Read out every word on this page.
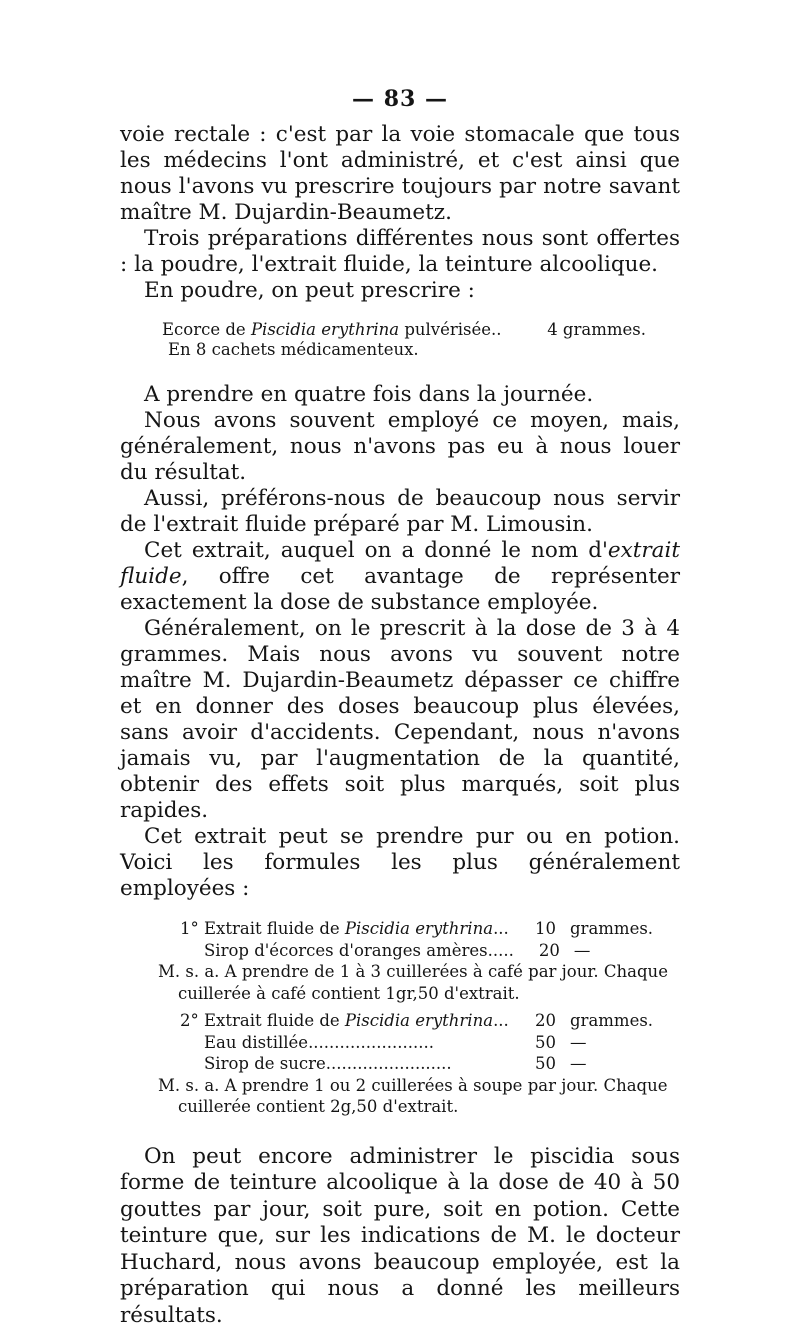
— 83 —

voie rectale : c'est par la voie stomacale que tous les médecins l'ont administré, et c'est ainsi que nous l'avons vu prescrire toujours par notre savant maître M. Dujardin-Beaumetz.

Trois préparations différentes nous sont offertes : la poudre, l'extrait fluide, la teinture alcoolique.

En poudre, on peut prescrire :

Ecorce de Piscidia erythrina pulvérisée..	4 grammes.
En 8 cachets médicamenteux.

A prendre en quatre fois dans la journée.

Nous avons souvent employé ce moyen, mais, généralement, nous n'avons pas eu à nous louer du résultat.

Aussi, préférons-nous de beaucoup nous servir de l'extrait fluide préparé par M. Limousin.

Cet extrait, auquel on a donné le nom d'extrait fluide, offre cet avantage de représenter exactement la dose de substance employée.

Généralement, on le prescrit à la dose de 3 à 4 grammes. Mais nous avons vu souvent notre maître M. Dujardin-Beaumetz dépasser ce chiffre et en donner des doses beaucoup plus élevées, sans avoir d'accidents. Cependant, nous n'avons jamais vu, par l'augmentation de la quantité, obtenir des effets soit plus marqués, soit plus rapides.

Cet extrait peut se prendre pur ou en potion. Voici les formules les plus généralement employées :

1° Extrait fluide de Piscidia erythrina ...	10 grammes.
Sirop d'écorces d'oranges amères .....	20 —
M. s. a. A prendre de 1 à 3 cuillerées à café par jour. Chaque
cuillerée à café contient 1gr,50 d'extrait.
2° Extrait fluide de Piscidia erythrina ...	20 grammes.
Eau distillée ........................	50 —
Sirop de sucre ........................	50 —
M. s. a. A prendre 1 ou 2 cuillerées à soupe par jour. Chaque
cuillerée contient 2g,50 d'extrait.

On peut encore administrer le piscidia sous forme de teinture alcoolique à la dose de 40 à 50 gouttes par jour, soit pure, soit en potion. Cette teinture que, sur les indications de M. le docteur Huchard, nous avons beaucoup employée, est la préparation qui nous a donné les meilleurs résultats.
